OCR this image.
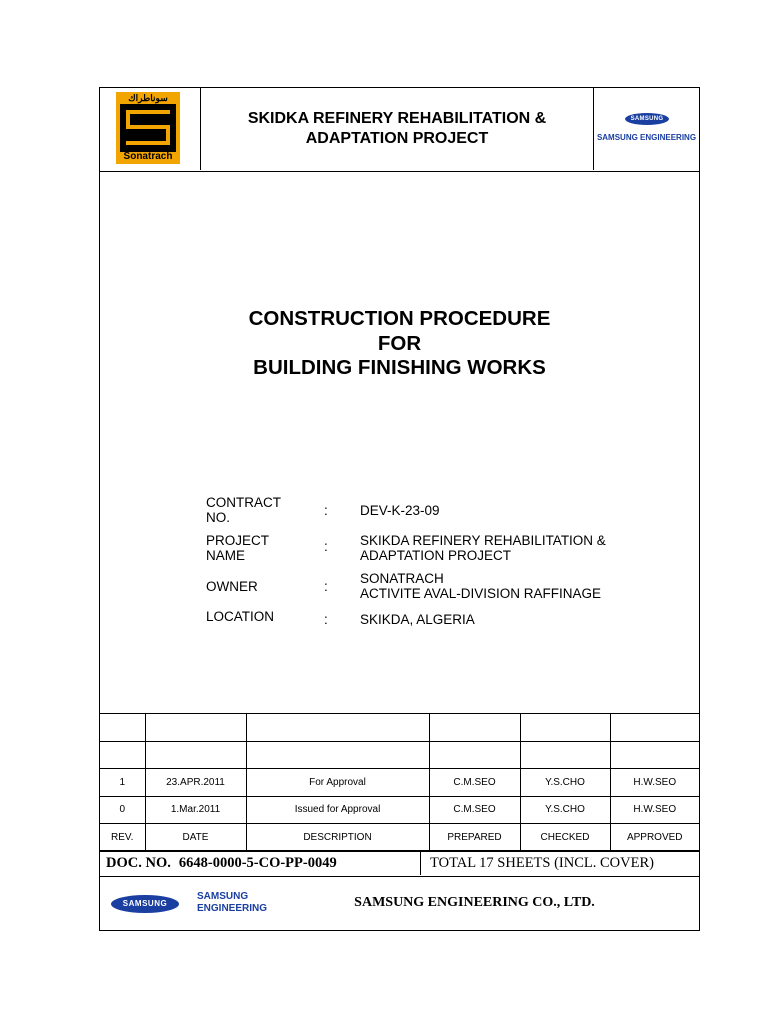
سوناطراك
Sonatrach
SKIDKA REFINERY REHABILITATION &
ADAPTATION PROJECT
SAMSUNG
SAMSUNG ENGINEERING
CONSTRUCTION PROCEDURE
FOR
BUILDING FINISHING WORKS
CONTRACT
NO.	: DEV-K-23-09
PROJECT
NAME
: SKIKDA REFINERY REHABILITATION &
ADAPTATION PROJECT
OWNER	:
SONATRACH
ACTIVITE AVAL-DIVISION RAFFINAGE
LOCATION	: SKIKDA, ALGERIA

1	23.APR.2011	For Approval	C.M.SEO	Y.S.CHO	H.W.SEO
0	1.Mar.2011	Issued for Approval	C.M.SEO	Y.S.CHO	H.W.SEO
REV.	DATE	DESCRIPTION	PREPARED	CHECKED	APPROVED
DOC. NO. 6648-0000-5-CO-PP-0049	TOTAL 17 SHEETS (INCL. COVER)
SAMSUNG
SAMSUNG
ENGINEERING	SAMSUNG ENGINEERING CO., LTD.
